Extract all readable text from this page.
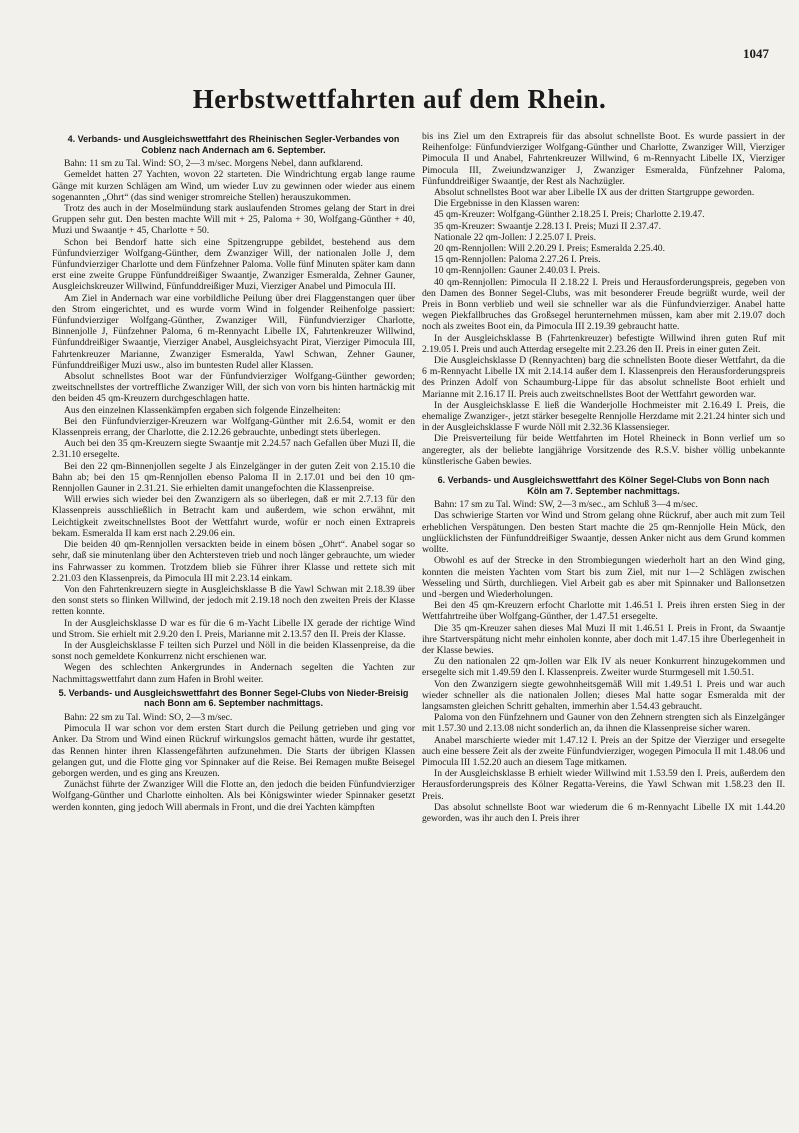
1047
Herbstwettfahrten auf dem Rhein.
4. Verbands- und Ausgleichswettfahrt des Rheinischen Segler-Verbandes von Coblenz nach Andernach am 6. September.

Bahn: 11 sm zu Tal. Wind: SO, 2—3 m/sec. Morgens Nebel, dann aufklarend.

Gemeldet hatten 27 Yachten, wovon 22 starteten. Die Windrichtung ergab lange raume Gänge mit kurzen Schlägen am Wind, um wieder Luv zu gewinnen oder wieder aus einem sogenannten „Ohrt“ (das sind weniger stromreiche Stellen) herauszukommen.

Trotz des auch in der Moselmündung stark auslaufenden Stromes gelang der Start in drei Gruppen sehr gut. Den besten machte Will mit + 25, Paloma + 30, Wolfgang-Günther + 40, Muzi und Swaantje + 45, Charlotte + 50.

Schon bei Bendorf hatte sich eine Spitzengruppe gebildet, bestehend aus dem Fünfundvierziger Wolfgang-Günther, dem Zwanziger Will, der nationalen Jolle J, dem Fünfundvierziger Charlotte und dem Fünfzehner Paloma. Volle fünf Minuten später kam dann erst eine zweite Gruppe Fünfunddreißiger Swaantje, Zwanziger Esmeralda, Zehner Gauner, Ausgleichskreuzer Willwind, Fünfunddreißiger Muzi, Vierziger Anabel und Pimocula III.

Am Ziel in Andernach war eine vorbildliche Peilung über drei Flaggenstangen quer über den Strom eingerichtet, und es wurde vorm Wind in folgender Reihenfolge passiert: Fünfundvierziger Wolfgang-Günther, Zwanziger Will, Fünfundvierziger Charlotte, Binnenjolle J, Fünfzehner Paloma, 6 m-Rennyacht Libelle IX, Fahrtenkreuzer Willwind, Fünfunddreißiger Swaantje, Vierziger Anabel, Ausgleichsyacht Pirat, Vierziger Pimocula III, Fahrtenkreuzer Marianne, Zwanziger Esmeralda, Yawl Schwan, Zehner Gauner, Fünfunddreißiger Muzi usw., also im buntesten Rudel aller Klassen.

Absolut schnellstes Boot war der Fünfundvierziger Wolfgang-Günther geworden; zweitschnellstes der vortreffliche Zwanziger Will, der sich von vorn bis hinten hartnäckig mit den beiden 45 qm-Kreuzern durchgeschlagen hatte.

Aus den einzelnen Klassenkämpfen ergaben sich folgende Einzelheiten:

Bei den Fünfundvierziger-Kreuzern war Wolfgang-Günther mit 2.6.54, womit er den Klassenpreis errang, der Charlotte, die 2.12.26 gebrauchte, unbedingt stets überlegen.

Auch bei den 35 qm-Kreuzern siegte Swaantje mit 2.24.57 nach Gefallen über Muzi II, die 2.31.10 ersegelte.

Bei den 22 qm-Binnenjollen segelte J als Einzelgänger in der guten Zeit von 2.15.10 die Bahn ab; bei den 15 qm-Rennjollen ebenso Paloma II in 2.17.01 und bei den 10 qm-Rennjollen Gauner in 2.31.21. Sie erhielten damit unangefochten die Klassenpreise.

Will erwies sich wieder bei den Zwanzigern als so überlegen, daß er mit 2.7.13 für den Klassenpreis ausschließlich in Betracht kam und außerdem, wie schon erwähnt, mit Leichtigkeit zweitschnellstes Boot der Wettfahrt wurde, wofür er noch einen Extrapreis bekam. Esmeralda II kam erst nach 2.29.06 ein.

Die beiden 40 qm-Rennjollen versackten beide in einem bösen „Ohrt“. Anabel sogar so sehr, daß sie minutenlang über den Achtersteven trieb und noch länger gebrauchte, um wieder ins Fahrwasser zu kommen. Trotzdem blieb sie Führer ihrer Klasse und rettete sich mit 2.21.03 den Klassenpreis, da Pimocula III mit 2.23.14 einkam.

Von den Fahrtenkreuzern siegte in Ausgleichsklasse B die Yawl Schwan mit 2.18.39 über den sonst stets so flinken Willwind, der jedoch mit 2.19.18 noch den zweiten Preis der Klasse retten konnte.

In der Ausgleichsklasse D war es für die 6 m-Yacht Libelle IX gerade der richtige Wind und Strom. Sie erhielt mit 2.9.20 den I. Preis, Marianne mit 2.13.57 den II. Preis der Klasse.

In der Ausgleichsklasse F teilten sich Purzel und Nöll in die beiden Klassenpreise, da die sonst noch gemeldete Konkurrenz nicht erschienen war.

Wegen des schlechten Ankergrundes in Andernach segelten die Yachten zur Nachmittagswettfahrt dann zum Hafen in Brohl weiter.

5. Verbands- und Ausgleichswettfahrt des Bonner Segel-Clubs von Nieder-Breisig nach Bonn am 6. September nachmittags.

Bahn: 22 sm zu Tal. Wind: SO, 2—3 m/sec.

Pimocula II war schon vor dem ersten Start durch die Peilung getrieben und ging vor Anker. Da Strom und Wind einen Rückruf wirkungslos gemacht hätten, wurde ihr gestattet, das Rennen hinter ihren Klassengefährten aufzunehmen. Die Starts der übrigen Klassen gelangen gut, und die Flotte ging vor Spinnaker auf die Reise. Bei Remagen mußte Beisegel geborgen werden, und es ging ans Kreuzen.

Zunächst führte der Zwanziger Will die Flotte an, den jedoch die beiden Fünfundvierziger Wolfgang-Günther und Charlotte einholten. Als bei Königswinter wieder Spinnaker gesetzt werden konnten, ging jedoch Will abermals in Front, und die drei Yachten kämpften

bis ins Ziel um den Extrapreis für das absolut schnellste Boot. Es wurde passiert in der Reihenfolge: Fünfundvierziger Wolfgang-Günther und Charlotte, Zwanziger Will, Vierziger Pimocula II und Anabel, Fahrtenkreuzer Willwind, 6 m-Rennyacht Libelle IX, Vierziger Pimocula III, Zweiundzwanziger J, Zwanziger Esmeralda, Fünfzehner Paloma, Fünfunddreißiger Swaantje, der Rest als Nachzügler.

Absolut schnellstes Boot war aber Libelle IX aus der dritten Startgruppe geworden.

Die Ergebnisse in den Klassen waren:

45 qm-Kreuzer: Wolfgang-Günther 2.18.25 I. Preis; Charlotte 2.19.47.

35 qm-Kreuzer: Swaantje 2.28.13 I. Preis; Muzi II 2.37.47.

Nationale 22 qm-Jollen: J 2.25.07 I. Preis.

20 qm-Rennjollen: Will 2.20.29 I. Preis; Esmeralda 2.25.40.

15 qm-Rennjollen: Paloma 2.27.26 I. Preis.

10 qm-Rennjollen: Gauner 2.40.03 I. Preis.

40 qm-Rennjollen: Pimocula II 2.18.22 I. Preis und Herausforderungspreis, gegeben von den Damen des Bonner Segel-Clubs, was mit besonderer Freude begrüßt wurde, weil der Preis in Bonn verblieb und weil sie schneller war als die Fünfundvierziger. Anabel hatte wegen Piekfallbruches das Großsegel herunternehmen müssen, kam aber mit 2.19.07 doch noch als zweites Boot ein, da Pimocula III 2.19.39 gebraucht hatte.

In der Ausgleichsklasse B (Fahrtenkreuzer) befestigte Willwind ihren guten Ruf mit 2.19.05 I. Preis und auch Atterdag ersegelte mit 2.23.26 den II. Preis in einer guten Zeit.

Die Ausgleichsklasse D (Rennyachten) barg die schnellsten Boote dieser Wettfahrt, da die 6 m-Rennyacht Libelle IX mit 2.14.14 außer dem I. Klassenpreis den Herausforderungspreis des Prinzen Adolf von Schaumburg-Lippe für das absolut schnellste Boot erhielt und Marianne mit 2.16.17 II. Preis auch zweitschnellstes Boot der Wettfahrt geworden war.

In der Ausgleichsklasse E ließ die Wanderjolle Hochmeister mit 2.16.49 I. Preis, die ehemalige Zwanziger-, jetzt stärker besegelte Rennjolle Herzdame mit 2.21.24 hinter sich und in der Ausgleichsklasse F wurde Nöll mit 2.32.36 Klassensieger.

Die Preisverteilung für beide Wettfahrten im Hotel Rheineck in Bonn verlief um so angeregter, als der beliebte langjährige Vorsitzende des R.S.V. bisher völlig unbekannte künstlerische Gaben bewies.

6. Verbands- und Ausgleichswettfahrt des Kölner Segel-Clubs von Bonn nach Köln am 7. September nachmittags.

Bahn: 17 sm zu Tal. Wind: SW, 2—3 m/sec., am Schluß 3—4 m/sec.

Das schwierige Starten vor Wind und Strom gelang ohne Rückruf, aber auch mit zum Teil erheblichen Verspätungen. Den besten Start machte die 25 qm-Rennjolle Hein Mück, den unglücklichsten der Fünfunddreißiger Swaantje, dessen Anker nicht aus dem Grund kommen wollte.

Obwohl es auf der Strecke in den Strombiegungen wiederholt hart an den Wind ging, konnten die meisten Yachten vom Start bis zum Ziel, mit nur 1—2 Schlägen zwischen Wesseling und Sürth, durchliegen. Viel Arbeit gab es aber mit Spinnaker und Ballonsetzen und -bergen und Wiederholungen.

Bei den 45 qm-Kreuzern erfocht Charlotte mit 1.46.51 I. Preis ihren ersten Sieg in der Wettfahrtreihe über Wolfgang-Günther, der 1.47.51 ersegelte.

Die 35 qm-Kreuzer sahen dieses Mal Muzi II mit 1.46.51 I. Preis in Front, da Swaantje ihre Startverspätung nicht mehr einholen konnte, aber doch mit 1.47.15 ihre Überlegenheit in der Klasse bewies.

Zu den nationalen 22 qm-Jollen war Elk IV als neuer Konkurrent hinzugekommen und ersegelte sich mit 1.49.59 den I. Klassenpreis. Zweiter wurde Sturmgesell mit 1.50.51.

Von den Zwanzigern siegte gewohnheitsgemäß Will mit 1.49.51 I. Preis und war auch wieder schneller als die nationalen Jollen; dieses Mal hatte sogar Esmeralda mit der langsamsten gleichen Schritt gehalten, immerhin aber 1.54.43 gebraucht.

Paloma von den Fünfzehnern und Gauner von den Zehnern strengten sich als Einzelgänger mit 1.57.30 und 2.13.08 nicht sonderlich an, da ihnen die Klassenpreise sicher waren.

Anabel marschierte wieder mit 1.47.12 I. Preis an der Spitze der Vierziger und ersegelte auch eine bessere Zeit als der zweite Fünfundvierziger, wogegen Pimocula II mit 1.48.06 und Pimocula III 1.52.20 auch an diesem Tage mitkamen.

In der Ausgleichsklasse B erhielt wieder Willwind mit 1.53.59 den I. Preis, außerdem den Herausforderungspreis des Kölner Regatta-Vereins, die Yawl Schwan mit 1.58.23 den II. Preis.

Das absolut schnellste Boot war wiederum die 6 m-Rennyacht Libelle IX mit 1.44.20 geworden, was ihr auch den I. Preis ihrer
